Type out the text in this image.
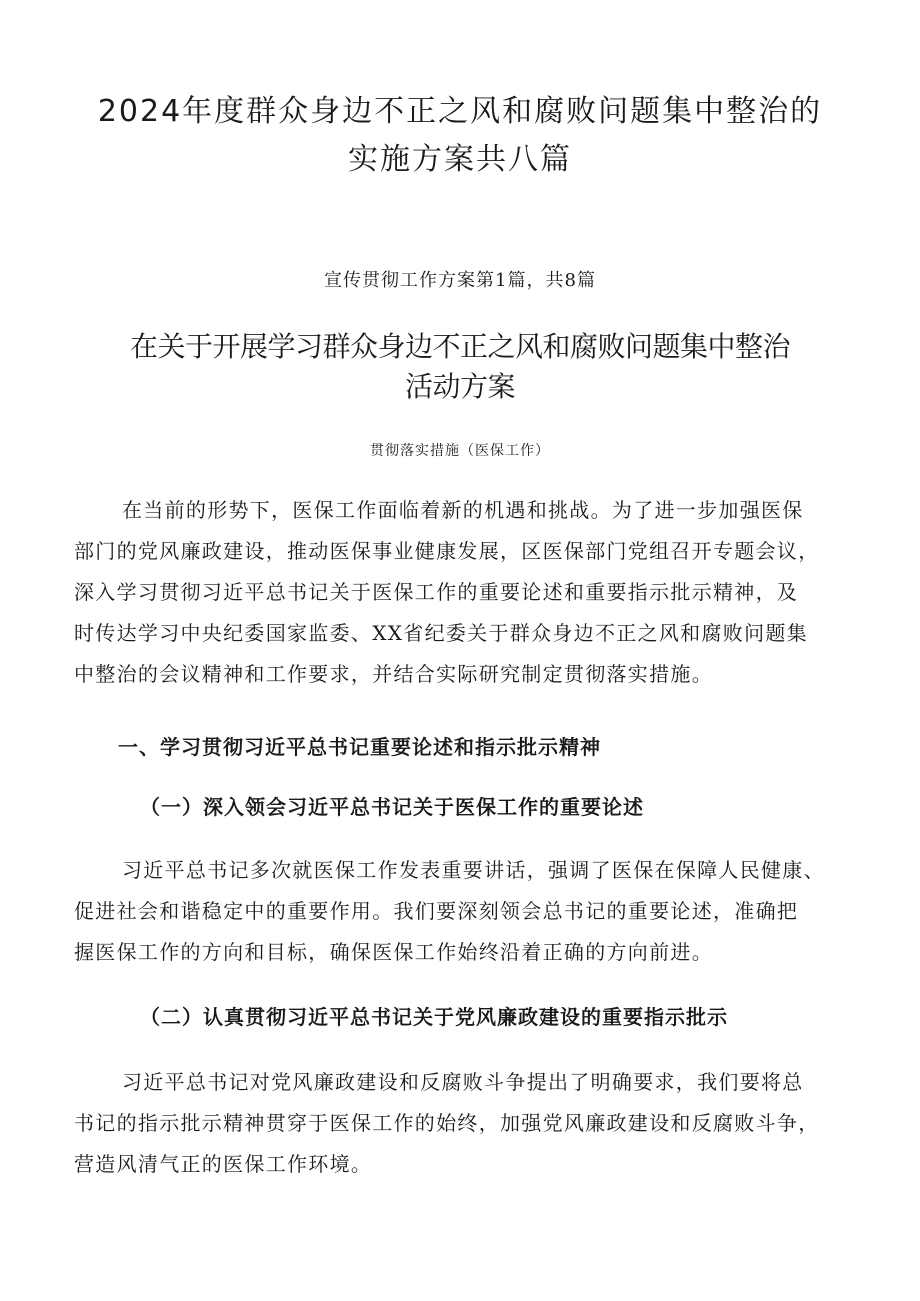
2024年度群众身边不正之风和腐败问题集中整治的
实施方案共八篇
宣传贯彻工作方案第1篇，共8篇
在关于开展学习群众身边不正之风和腐败问题集中整治
活动方案
贯彻落实措施（医保工作）

在当前的形势下，医保工作面临着新的机遇和挑战。为了进一步加强医保
部门的党风廉政建设，推动医保事业健康发展，区医保部门党组召开专题会议，
深入学习贯彻习近平总书记关于医保工作的重要论述和重要指示批示精神，及
时传达学习中央纪委国家监委、XX省纪委关于群众身边不正之风和腐败问题集
中整治的会议精神和工作要求，并结合实际研究制定贯彻落实措施。

一、学习贯彻习近平总书记重要论述和指示批示精神
（一）深入领会习近平总书记关于医保工作的重要论述

习近平总书记多次就医保工作发表重要讲话，强调了医保在保障人民健康、
促进社会和谐稳定中的重要作用。我们要深刻领会总书记的重要论述，准确把
握医保工作的方向和目标，确保医保工作始终沿着正确的方向前进。

（二）认真贯彻习近平总书记关于党风廉政建设的重要指示批示

习近平总书记对党风廉政建设和反腐败斗争提出了明确要求，我们要将总
书记的指示批示精神贯穿于医保工作的始终，加强党风廉政建设和反腐败斗争，
营造风清气正的医保工作环境。
